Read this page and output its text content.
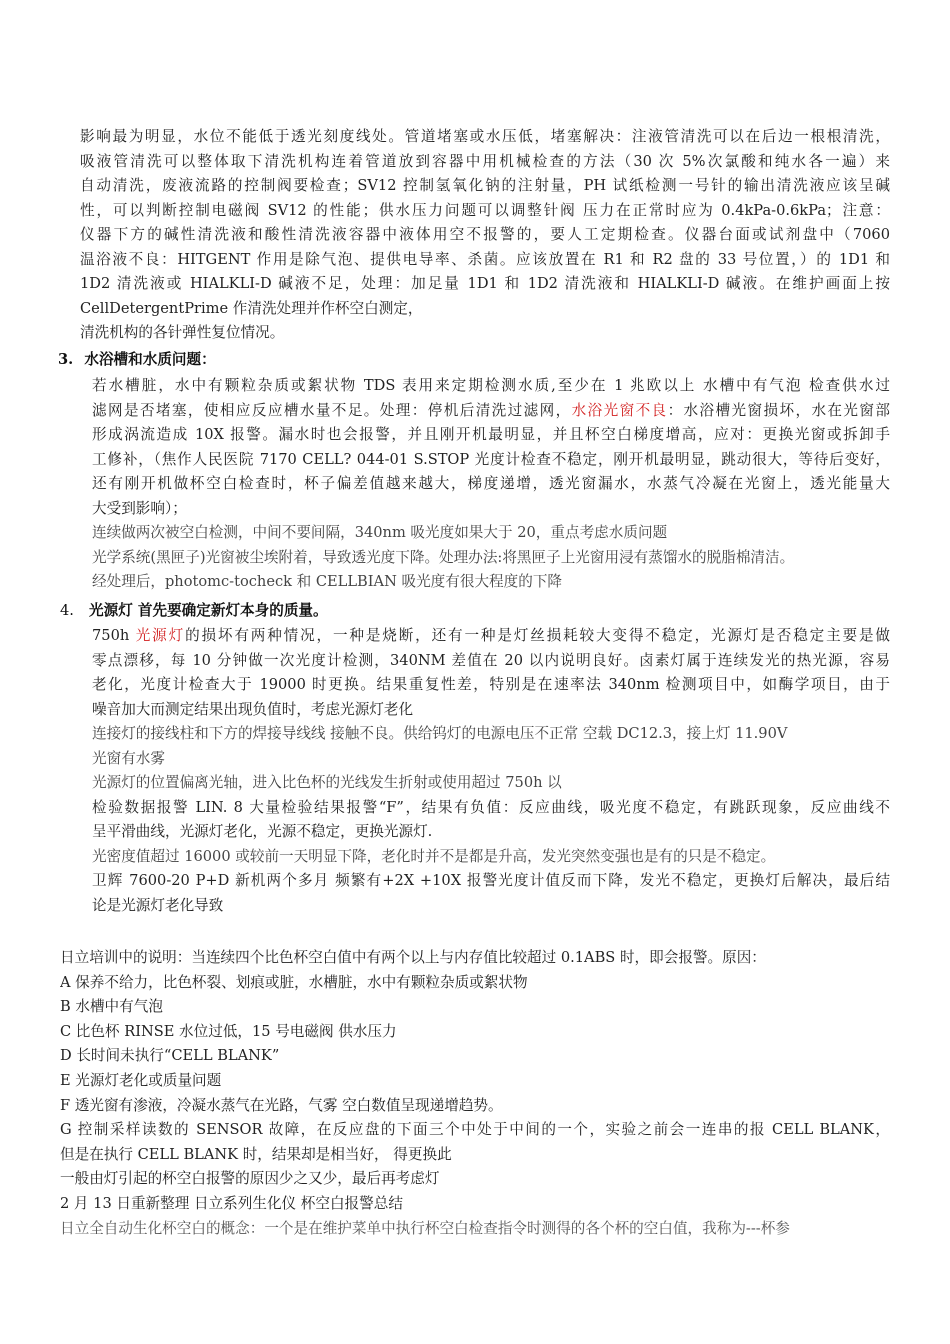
影响最为明显，水位不能低于透光刻度线处。管道堵塞或水压低，堵塞解决：注液管清洗可以在后边一根根清洗，
吸液管清洗可以整体取下清洗机构连着管道放到容器中用机械检查的方法（30 次 5%次氯酸和纯水各一遍）来
自动清洗，废液流路的控制阀要检查；SV12 控制氢氧化钠的注射量，PH 试纸检测一号针的输出清洗液应该呈碱
性，可以判断控制电磁阀 SV12 的性能；供水压力问题可以调整针阀 压力在正常时应为 0.4kPa-0.6kPa；注意：
仪器下方的碱性清洗液和酸性清洗液容器中液体用空不报警的，要人工定期检查。仪器台面或试剂盘中（7060
温浴液不良：HITGENT 作用是除气泡、提供电导率、杀菌。应该放置在 R1 和 R2 盘的 33 号位置，）的 1D1 和
1D2 清洗液或 HIALKLI-D 碱液不足，处理：加足量 1D1 和 1D2 清洗液和 HIALKLI-D 碱液。在维护画面上按
CellDetergentPrime 作清洗处理并作杯空白测定，
清洗机构的各针弹性复位情况。
3. 水浴槽和水质问题：
若水槽脏，水中有颗粒杂质或絮状物 TDS 表用来定期检测水质,至少在 1 兆欧以上 水槽中有气泡 检查供水过
滤网是否堵塞，使相应反应槽水量不足。处理：停机后清洗过滤网，水浴光窗不良：水浴槽光窗损坏，水在光窗部
形成涡流造成 10X 报警。漏水时也会报警，并且刚开机最明显，并且杯空白梯度增高，应对：更换光窗或拆卸手
工修补，（焦作人民医院 7170 CELL? 044-01 S.STOP 光度计检查不稳定，刚开机最明显，跳动很大，等待后变好，
还有刚开机做杯空白检查时，杯子偏差值越来越大，梯度递增，透光窗漏水，水蒸气冷凝在光窗上，透光能量大
大受到影响）；
连续做两次被空白检测，中间不要间隔，340nm 吸光度如果大于 20，重点考虑水质问题
光学系统(黑匣子)光窗被尘埃附着，导致透光度下降。处理办法:将黑匣子上光窗用浸有蒸馏水的脱脂棉清洁。
经处理后，photomc-tocheck 和 CELLBIAN 吸光度有很大程度的下降
4. 光源灯 首先要确定新灯本身的质量。
750h 光源灯的损坏有两种情况，一种是烧断，还有一种是灯丝损耗较大变得不稳定，光源灯是否稳定主要是做
零点漂移，每 10 分钟做一次光度计检测，340NM 差值在 20 以内说明良好。卤素灯属于连续发光的热光源，容易
老化，光度计检查大于 19000 时更换。结果重复性差，特别是在速率法 340nm 检测项目中，如酶学项目，由于
噪音加大而测定结果出现负值时，考虑光源灯老化
连接灯的接线柱和下方的焊接导线线 接触不良。供给钨灯的电源电压不正常 空载 DC12.3，接上灯 11.90V
光窗有水雾
光源灯的位置偏离光轴，进入比色杯的光线发生折射或使用超过 750h 以
检验数据报警 LIN. 8 大量检验结果报警“F”，结果有负值：反应曲线，吸光度不稳定，有跳跃现象，反应曲线不
呈平滑曲线，光源灯老化，光源不稳定，更换光源灯.
光密度值超过 16000 或较前一天明显下降，老化时并不是都是升高，发光突然变强也是有的只是不稳定。
卫辉 7600-20 P+D 新机两个多月 频繁有+2X +10X 报警光度计值反而下降，发光不稳定，更换灯后解决，最后结
论是光源灯老化导致
日立培训中的说明：当连续四个比色杯空白值中有两个以上与内存值比较超过 0.1ABS 时，即会报警。原因：
A 保养不给力，比色杯裂、划痕或脏，水槽脏，水中有颗粒杂质或絮状物
B 水槽中有气泡
C 比色杯 RINSE 水位过低，15 号电磁阀 供水压力
D 长时间未执行“CELL BLANK”
E 光源灯老化或质量问题
F 透光窗有渗液，冷凝水蒸气在光路，气雾 空白数值呈现递增趋势。
G 控制采样读数的 SENSOR 故障，在反应盘的下面三个中处于中间的一个，实验之前会一连串的报 CELL BLANK，
但是在执行 CELL BLANK 时，结果却是相当好， 得更换此
一般由灯引起的杯空白报警的原因少之又少，最后再考虑灯
2 月 13 日重新整理 日立系列生化仪 杯空白报警总结
日立全自动生化杯空白的概念：一个是在维护菜单中执行杯空白检查指令时测得的各个杯的空白值，我称为---杯参
